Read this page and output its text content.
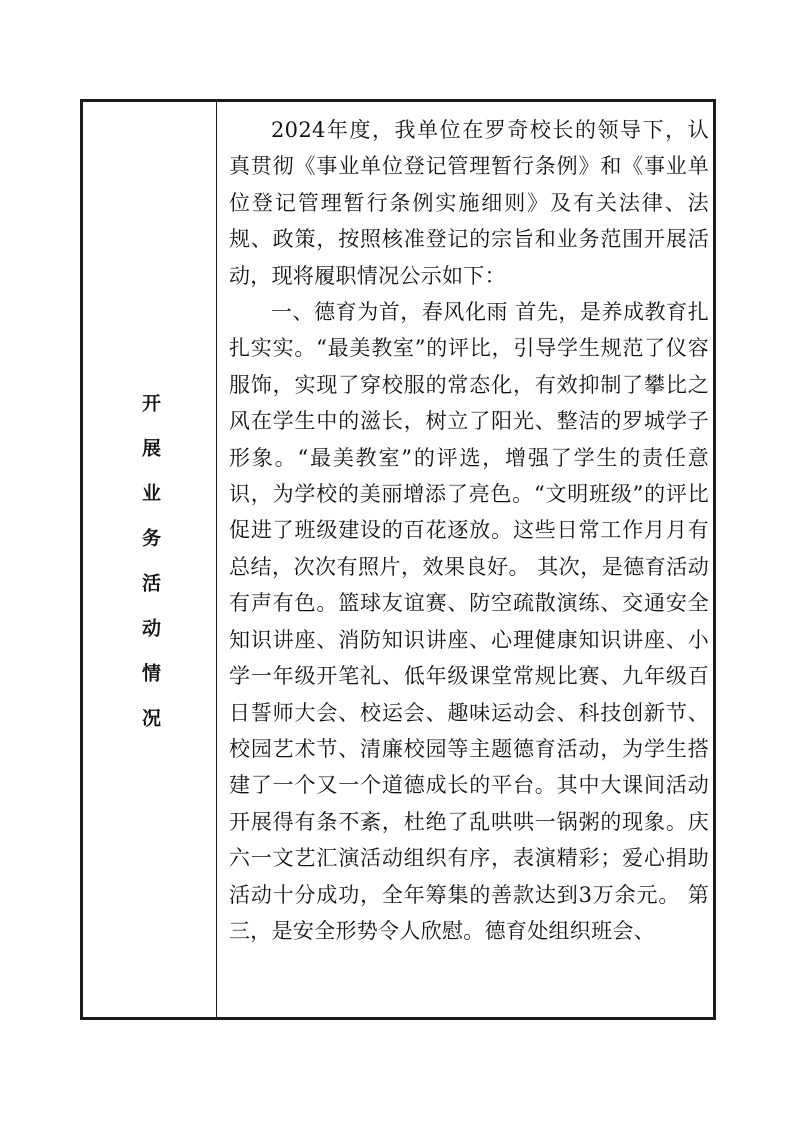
开展业务活动情况

2024年度，我单位在罗奇校长的领导下，认真贯彻《事业单位登记管理暂行条例》和《事业单位登记管理暂行条例实施细则》及有关法律、法规、政策，按照核准登记的宗旨和业务范围开展活动，现将履职情况公示如下：

一、德育为首，春风化雨 首先，是养成教育扎扎实实。“最美教室”的评比，引导学生规范了仪容服饰，实现了穿校服的常态化，有效抑制了攀比之风在学生中的滋长，树立了阳光、整洁的罗城学子形象。“最美教室”的评选，增强了学生的责任意识，为学校的美丽增添了亮色。“文明班级”的评比促进了班级建设的百花逐放。这些日常工作月月有总结，次次有照片，效果良好。 其次，是德育活动有声有色。篮球友谊赛、防空疏散演练、交通安全知识讲座、消防知识讲座、心理健康知识讲座、小学一年级开笔礼、低年级课堂常规比赛、九年级百日誓师大会、校运会、趣味运动会、科技创新节、校园艺术节、清廉校园等主题德育活动，为学生搭建了一个又一个道德成长的平台。其中大课间活动开展得有条不紊，杜绝了乱哄哄一锅粥的现象。庆六一文艺汇演活动组织有序，表演精彩；爱心捐助活动十分成功，全年筹集的善款达到3万余元。 第三，是安全形势令人欣慰。德育处组织班会、
